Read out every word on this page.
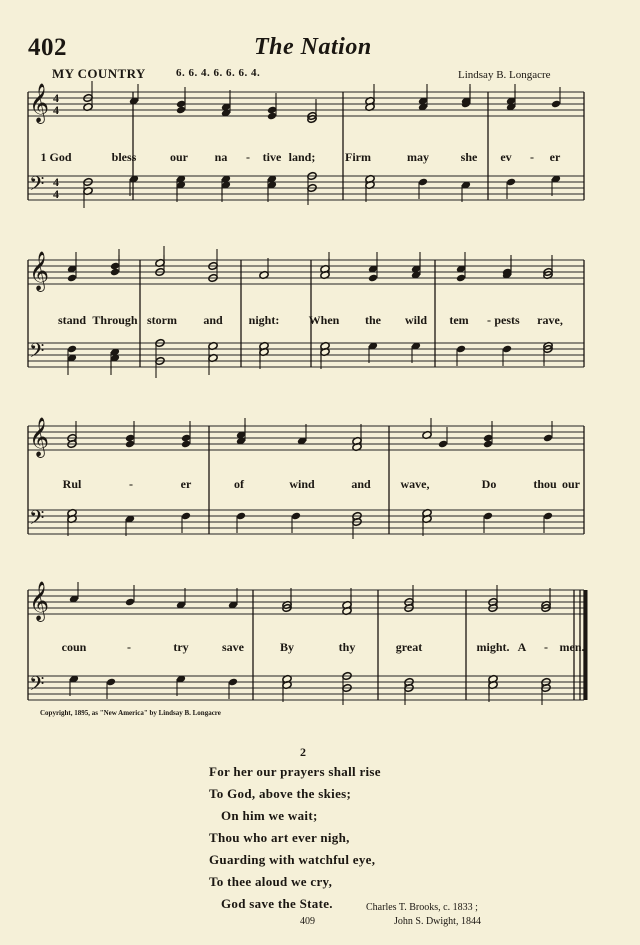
402	The Nation
MY COUNTRY	6. 6. 4. 6. 6. 6. 4.	Lindsay B. Longacre
𝄞
𝄢
𝄞
𝄢
𝄞
𝄢
𝄞
𝄢
4
4
4
4
1 God	bless	our na - tive land; Firm	may	she ev - er
stand Through storm and night: When the wild tem - pests rave,
Rul	-	er	of	wind	and wave,	Do	thou our
coun	-	try	save	By	thy	great	might. A - men.
Copyright, 1895, as "New America" by Lindsay B. Longacre
2
For her our prayers shall rise
To God, above the skies;
On him we wait;
Thou who art ever nigh,
Guarding with watchful eye,
To thee aloud we cry,
God save the State.	Charles T. Brooks, c. 1833 ;
409	John S. Dwight, 1844
